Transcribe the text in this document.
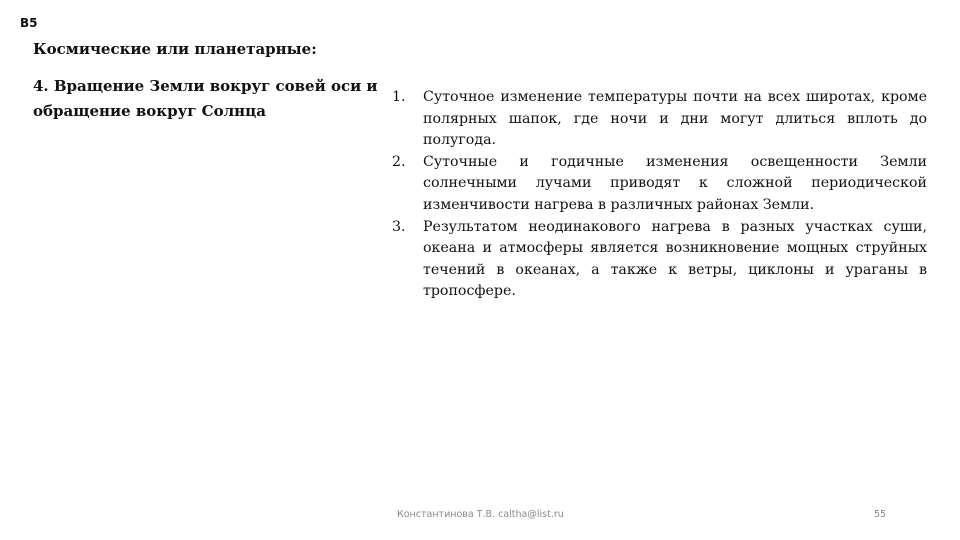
B5
Космические или планетарные:
4. Вращение Земли вокруг совей оси и обращение вокруг Солнца
1.	Суточное изменение температуры почти на всех широтах, кроме полярных шапок, где ночи и дни могут длиться вплоть до полугода.
2.	Суточные и годичные изменения освещенности Земли солнечными лучами приводят к сложной периодической изменчивости нагрева в различных районах Земли.
3.	Результатом неодинакового нагрева в разных участках суши, океана и атмосферы является возникновение мощных струйных течений в океанах, а также к ветры, циклоны и ураганы в тропосфере.
Константинова Т.В. caltha@list.ru	55
